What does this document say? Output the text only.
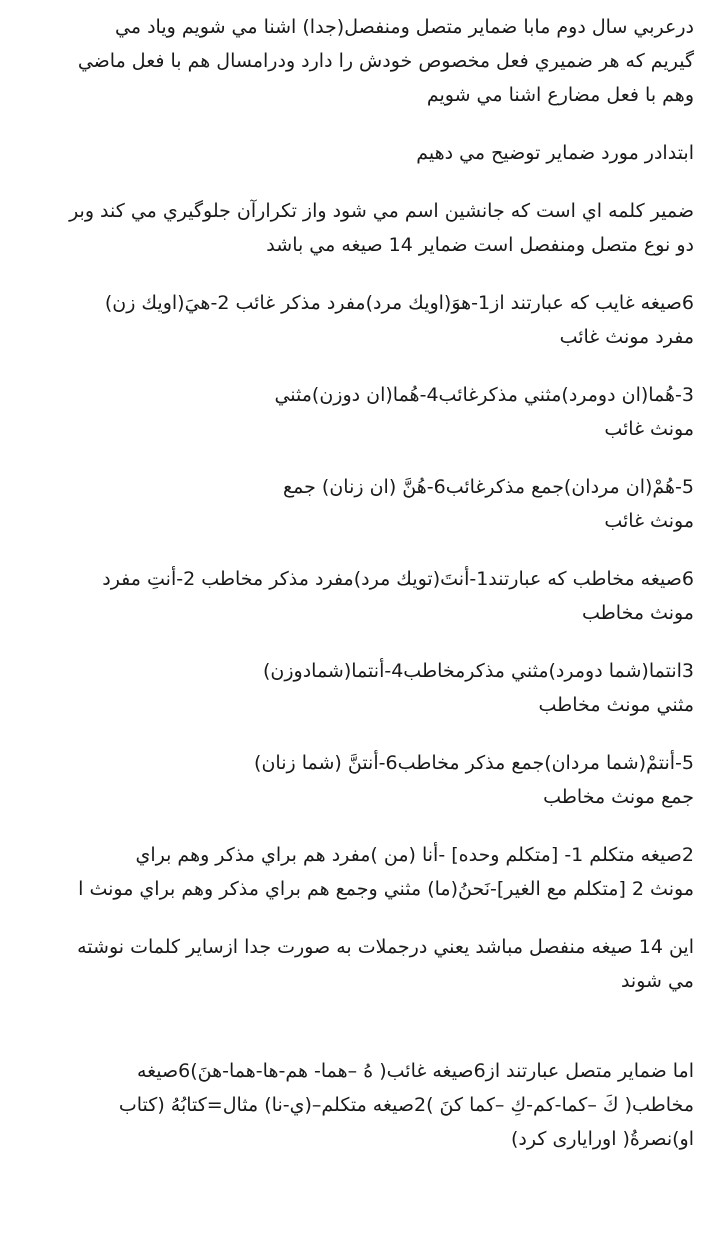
درعربي سال دوم مابا ضماير متصل ومنفصل(جدا) اشنا مي شويم وياد مي
گيريم كه هر ضميري فعل مخصوص خودش را دارد ودرامسال هم با فعل ماضي
وهم با فعل مضارع اشنا مي شويم

ابتدادر مورد ضماير توضيح مي دهيم

ضمير كلمه اي است كه جانشين اسم مي شود واز تكرارآن جلوگيري مي كند وبر
دو نوع متصل ومنفصل است ضماير 14 صيغه مي باشد

6صيغه غايب كه عبارتند از1-هوَ(اويك مرد)مفرد مذكر غائب 2-هيَ(اويك زن)
مفرد مونث غائب

3-هُما(ان دومرد)مثني مذكرغائب4-هُما(ان دوزن)مثني
مونث غائب

5-هُمْ(ان مردان)جمع مذكرغائب6-هُنَّ (ان زنان) جمع
مونث غائب

6صيغه مخاطب كه عبارتند1-أنتَ(تويك مرد)مفرد مذكر مخاطب 2-أنتِ مفرد
مونث مخاطب

3انتما(شما دومرد)مثني مذكرمخاطب4-أنتما(شمادوزن)
مثني مونث مخاطب

5-أنتمْ(شما مردان)جمع مذكر مخاطب6-أنتنَّ (شما زنان)
جمع مونث مخاطب

2صيغه متكلم 1- [متكلم وحده] -أنا (من )مفرد هم براي مذكر وهم براي
مونث 2 [متكلم مع الغير]-نَحنُ(ما) مثني وجمع هم براي مذكر وهم براي مونث ا

اين 14 صيغه منفصل مباشد يعني درجملات به صورت جدا ازساير كلمات نوشته
مي شوند

اما ضماير متصل عبارتند از6صيغه غائب( هُ –هما- هم-ها-هما-هنَ)6صيغه
مخاطب( كَ –كما-كم-كِ –كما كنَ )2صيغه متكلم–(ي-نا) مثال=كتابُهُ (كتاب
او)نصرةُ( اورايارى كرد)
